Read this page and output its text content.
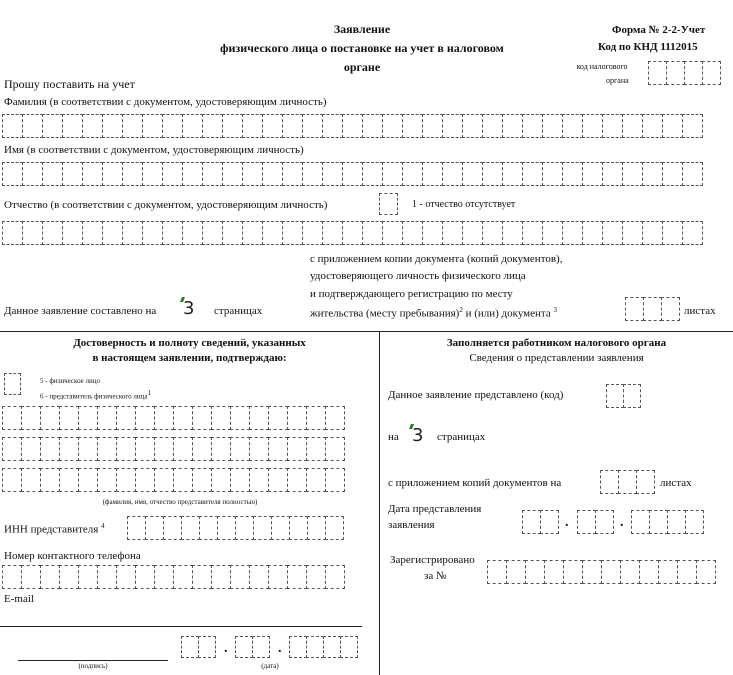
Заявление
физического лица о постановке на учет в налоговом
органе
Форма № 2-2-Учет
Код по КНД 1112015
код налогового
органа
Прошу поставить на учет
Фамилия (в соответствии с документом, удостоверяющим личность)
Имя (в соответствии с документом, удостоверяющим личность)
Отчество (в соответствии с документом, удостоверяющим личность)	1 - отчество отсутствует
с приложением копии документа (копий документов),
удостоверяющего личность физического лица
и подтверждающего регистрацию по месту
жительства (месту пребывания)$^2$ и (или) документа $^3$	листах
Данное заявление составлено на 3 страницах
Достоверность и полноту сведений, указанных
в настоящем заявлении, подтверждаю:
5 - физическое лицо
6 - представитель физического лица1
(фамилия, имя, отчество представителя полностью)
ИНН представителя $^4$
Номер контактного телефона
E-mail
(подпись)
.	.
(дата)
Заполняется работником налогового органа
Сведения о представлении заявления
Данное заявление представлено (код)
на 3 страницах
с приложением копий документов на	листах
Дата представления
заявления	.	.
Зарегистрировано
за №
